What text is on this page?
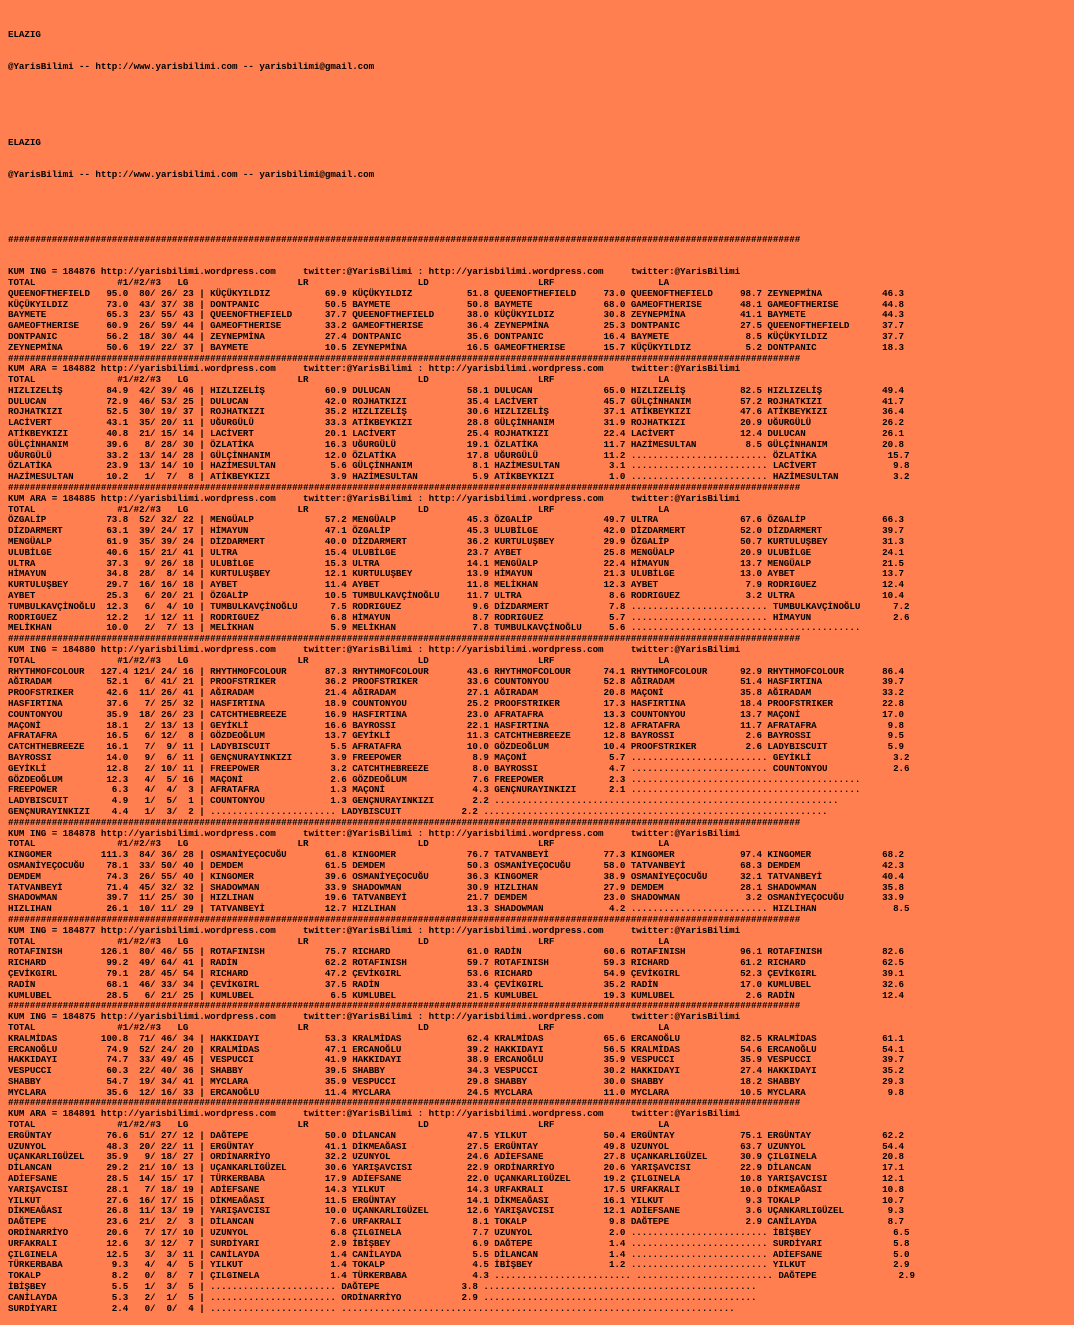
ELAZIG

@YarisBilimi -- http://www.yarisbilimi.com -- yarisbilimi@gmail.com

ELAZIG

@YarisBilimi -- http://www.yarisbilimi.com -- yarisbilimi@gmail.com

#################################################################################################################################################

KUM ING = 184876 http://yarisbilimi.wordpress.com     twitter:@YarisBilimi : http://yarisbilimi.wordpress.com     twitter:@YarisBilimi
TOTAL               #1/#2/#3   LG                    LR                    LD                    LRF                   LA
QUEENOFTHEFIELD   95.0  80/ 26/ 23 | KÜÇÜKYILDIZ          69.9 KÜÇÜKYILDIZ          51.8 QUEENOFTHEFIELD     73.0 QUEENOFTHEFIELD     98.7 ZEYNEPMİNA           46.3
KÜÇÜKYILDIZ       73.0  43/ 37/ 38 | DONTPANIC            50.5 BAYMETE              50.8 BAYMETE             68.0 GAMEOFTHERISE       48.1 GAMEOFTHERISE        44.8
BAYMETE           65.3  23/ 55/ 43 | QUEENOFTHEFIELD      37.7 QUEENOFTHEFIELD      38.0 KÜÇÜKYILDIZ         30.8 ZEYNEPMİNA          41.1 BAYMETE              44.3
GAMEOFTHERISE     60.9  26/ 59/ 44 | GAMEOFTHERISE        33.2 GAMEOFTHERISE        36.4 ZEYNEPMİNA          25.3 DONTPANIC           27.5 QUEENOFTHEFIELD      37.7
DONTPANIC         56.2  18/ 30/ 44 | ZEYNEPMİNA           27.4 DONTPANIC            35.6 DONTPANIC           16.4 BAYMETE              8.5 KÜÇÜKYILDIZ          37.7
ZEYNEPMİNA        50.6  19/ 22/ 37 | BAYMETE              10.5 ZEYNEPMİNA           16.5 GAMEOFTHERISE       15.7 KÜÇÜKYILDIZ          5.2 DONTPANIC            18.3
#################################################################################################################################################
KUM ARA = 184882 http://yarisbilimi.wordpress.com     twitter:@YarisBilimi : http://yarisbilimi.wordpress.com     twitter:@YarisBilimi
TOTAL               #1/#2/#3   LG                    LR                    LD                    LRF                   LA
HIZLIZELİŞ        84.9  42/ 39/ 46 | HIZLIZELİŞ           60.9 DULUCAN              58.1 DULUCAN             65.0 HIZLIZELİŞ          82.5 HIZLIZELİŞ           49.4
DULUCAN           72.9  46/ 53/ 25 | DULUCAN              42.0 ROJHATKIZI           35.4 LACİVERT            45.7 GÜLÇİNHANIM         57.2 ROJHATKIZI           41.7
ROJHATKIZI        52.5  30/ 19/ 37 | ROJHATKIZI           35.2 HIZLIZELİŞ           30.6 HIZLIZELİŞ          37.1 ATİKBEYKIZI         47.6 ATİKBEYKIZI          36.4
LACİVERT          43.1  35/ 20/ 11 | UĞURGÜLÜ             33.3 ATİKBEYKIZI          28.8 GÜLÇİNHANIM         31.9 ROJHATKIZI          20.9 UĞURGÜLÜ             26.2
ATİKBEYKIZI       40.8  21/ 15/ 14 | LACİVERT             20.1 LACİVERT             25.4 ROJHATKIZI          22.4 LACİVERT            12.4 DULUCAN              26.1
GÜLÇİNHANIM       39.6   8/ 28/ 30 | ÖZLATİKA             16.3 UĞURGÜLÜ             19.1 ÖZLATİKA            11.7 HAZİMESULTAN         8.5 GÜLÇİNHANIM          20.8
UĞURGÜLÜ          33.2  13/ 14/ 28 | GÜLÇİNHANIM          12.0 ÖZLATİKA             17.8 UĞURGÜLÜ            11.2 ......................... ÖZLATİKA             15.7
ÖZLATİKA          23.9  13/ 14/ 10 | HAZİMESULTAN          5.6 GÜLÇİNHANIM           8.1 HAZİMESULTAN         3.1 ......................... LACİVERT              9.8
HAZİMESULTAN      10.2   1/  7/  8 | ATİKBEYKIZI           3.9 HAZİMESULTAN          5.9 ATİKBEYKIZI          1.0 ......................... HAZİMESULTAN          3.2
#################################################################################################################################################
KUM ARA = 184885 http://yarisbilimi.wordpress.com     twitter:@YarisBilimi : http://yarisbilimi.wordpress.com     twitter:@YarisBilimi
TOTAL               #1/#2/#3   LG                    LR                    LD                    LRF                   LA
ÖZGALİP           73.8  52/ 32/ 22 | MENGÜALP             57.2 MENGÜALP             45.3 ÖZGALİP             49.7 ULTRA               67.6 ÖZGALİP              66.3
DİZDARMERT        63.1  39/ 24/ 17 | HİMAYUN              47.1 ÖZGALİP              45.3 ULUBİLGE            42.0 DİZDARMERT          52.0 DİZDARMERT           39.7
MENGÜALP          61.9  35/ 39/ 24 | DİZDARMERT           40.0 DİZDARMERT           36.2 KURTULUŞBEY         29.9 ÖZGALİP             50.7 KURTULUŞBEY          31.3
ULUBİLGE          40.6  15/ 21/ 41 | ULTRA                15.4 ULUBİLGE             23.7 AYBET               25.8 MENGÜALP            20.9 ULUBİLGE             24.1
ULTRA             37.3   9/ 26/ 18 | ULUBİLGE             15.3 ULTRA                14.1 MENGÜALP            22.4 HİMAYUN             13.7 MENGÜALP             21.5
HİMAYUN           34.8  28/  8/ 14 | KURTULUŞBEY          12.1 KURTULUŞBEY          13.9 HİMAYUN             21.3 ULUBİLGE            13.0 AYBET                13.7
KURTULUŞBEY       29.7  16/ 16/ 18 | AYBET                11.4 AYBET                11.8 MELİKHAN            12.3 AYBET                7.9 RODRIGUEZ            12.4
AYBET             25.3   6/ 20/ 21 | ÖZGALİP              10.5 TUMBULKAVÇİNOĞLU     11.7 ULTRA                8.6 RODRIGUEZ            3.2 ULTRA                10.4
TUMBULKAVÇİNOĞLU  12.3   6/  4/ 10 | TUMBULKAVÇİNOĞLU      7.5 RODRIGUEZ             9.6 DİZDARMERT           7.8 ......................... TUMBULKAVÇİNOĞLU      7.2
RODRIGUEZ         12.2   1/ 12/ 11 | RODRIGUEZ             6.8 HİMAYUN               8.7 RODRIGUEZ            5.7 ......................... HİMAYUN               2.6
MELİKHAN          10.0   2/  7/ 13 | MELİKHAN              5.9 MELİKHAN              7.8 TUMBULKAVÇİNOĞLU     5.6 ..........................................
#################################################################################################################################################
KUM ING = 184880 http://yarisbilimi.wordpress.com     twitter:@YarisBilimi : http://yarisbilimi.wordpress.com     twitter:@YarisBilimi
TOTAL               #1/#2/#3   LG                    LR                    LD                    LRF                   LA
RHYTHMOFCOLOUR   127.4 121/ 24/ 16 | RHYTHMOFCOLOUR       87.3 RHYTHMOFCOLOUR       43.6 RHYTHMOFCOLOUR      74.1 RHYTHMOFCOLOUR      92.9 RHYTHMOFCOLOUR       86.4
AĞIRADAM          52.1   6/ 41/ 21 | PROOFSTRIKER         36.2 PROOFSTRIKER         33.6 COUNTONYOU          52.8 AĞIRADAM            51.4 HASFIRTINA           39.7
PROOFSTRIKER      42.6  11/ 26/ 41 | AĞIRADAM             21.4 AĞIRADAM             27.1 AĞIRADAM            20.8 MAÇONİ              35.8 AĞIRADAM             33.2
HASFIRTINA        37.6   7/ 25/ 32 | HASFIRTINA           18.9 COUNTONYOU           25.2 PROOFSTRIKER        17.3 HASFIRTINA          18.4 PROOFSTRIKER         22.8
COUNTONYOU        35.9  18/ 26/ 23 | CATCHTHEBREEZE       16.9 HASFIRTINA           23.0 AFRATAFRA           13.3 COUNTONYOU          13.7 MAÇONİ               17.0
MAÇONİ            18.1   2/ 13/ 13 | GEYİKLİ              16.6 BAYROSSI             22.1 HASFIRTINA          12.8 AFRATAFRA           11.7 AFRATAFRA             9.8
AFRATAFRA         16.5   6/ 12/  8 | GÖZDEOĞLUM           13.7 GEYİKLİ              11.3 CATCHTHEBREEZE      12.8 BAYROSSI             2.6 BAYROSSI              9.5
CATCHTHEBREEZE    16.1   7/  9/ 11 | LADYBISCUIT           5.5 AFRATAFRA            10.0 GÖZDEOĞLUM          10.4 PROOFSTRIKER         2.6 LADYBISCUIT           5.9
BAYROSSI          14.0   9/  6/ 11 | GENÇNURAYINKIZI       3.9 FREEPOWER             8.9 MAÇONİ               5.7 ......................... GEYİKLİ               3.2
GEYİKLİ           12.8   2/ 10/ 11 | FREEPOWER             3.2 CATCHTHEBREEZE        8.0 BAYROSSI             4.7 ......................... COUNTONYOU            2.6
GÖZDEOĞLUM        12.3   4/  5/ 16 | MAÇONİ                2.6 GÖZDEOĞLUM            7.6 FREEPOWER            2.3 ..........................................
FREEPOWER          6.3   4/  4/  3 | AFRATAFRA             1.3 MAÇONİ                4.3 GENÇNURAYINKIZI      2.1 ..........................................
LADYBISCUIT        4.9   1/  5/  1 | COUNTONYOU            1.3 GENÇNURAYINKIZI       2.2 ...............................................................
GENÇNURAYINKIZI    4.4   1/  3/  2 | ....................... LADYBISCUIT           2.2 ...............................................................
#################################################################################################################################################
KUM ING = 184878 http://yarisbilimi.wordpress.com     twitter:@YarisBilimi : http://yarisbilimi.wordpress.com     twitter:@YarisBilimi
TOTAL               #1/#2/#3   LG                    LR                    LD                    LRF                   LA
KINGOMER         111.3  84/ 36/ 28 | OSMANİYEÇOCUĞU       61.8 KINGOMER             76.7 TATVANBEYİ          77.3 KINGOMER            97.4 KINGOMER             68.2
OSMANİYEÇOCUĞU    78.1  33/ 50/ 40 | DEMDEM               61.5 DEMDEM               50.3 OSMANİYEÇOCUĞU      58.0 TATVANBEYİ          68.3 DEMDEM               42.3
DEMDEM            74.3  26/ 55/ 40 | KINGOMER             39.6 OSMANİYEÇOCUĞU       36.3 KINGOMER            38.9 OSMANİYEÇOCUĞU      32.1 TATVANBEYİ           40.4
TATVANBEYİ        71.4  45/ 32/ 32 | SHADOWMAN            33.9 SHADOWMAN            30.9 HIZLIHAN            27.9 DEMDEM              28.1 SHADOWMAN            35.8
SHADOWMAN         39.7  11/ 25/ 30 | HIZLIHAN             19.6 TATVANBEYİ           21.7 DEMDEM              23.0 SHADOWMAN            3.2 OSMANİYEÇOCUĞU       33.9
HIZLIHAN          26.1  10/ 11/ 29 | TATVANBEYİ           12.7 HIZLIHAN             13.3 SHADOWMAN            4.2 ......................... HIZLIHAN              8.5
#################################################################################################################################################
KUM ING = 184877 http://yarisbilimi.wordpress.com     twitter:@YarisBilimi : http://yarisbilimi.wordpress.com     twitter:@YarisBilimi
TOTAL               #1/#2/#3   LG                    LR                    LD                    LRF                   LA
ROTAFINISH       126.1  80/ 46/ 55 | ROTAFINISH           75.7 RICHARD              61.0 RADİN               60.6 ROTAFINISH          96.1 ROTAFINISH           82.6
RICHARD           99.2  49/ 64/ 41 | RADİN                62.2 ROTAFINISH           59.7 ROTAFINISH          59.3 RICHARD             61.2 RICHARD              62.5
ÇEVİKGIRL         79.1  28/ 45/ 54 | RICHARD              47.2 ÇEVİKGIRL            53.6 RICHARD             54.9 ÇEVİKGIRL           52.3 ÇEVİKGIRL            39.1
RADİN             68.1  46/ 33/ 34 | ÇEVİKGIRL            37.5 RADİN                33.4 ÇEVİKGIRL           35.2 RADİN               17.0 KUMLUBEL             32.6
KUMLUBEL          28.5   6/ 21/ 25 | KUMLUBEL              6.5 KUMLUBEL             21.5 KUMLUBEL            19.3 KUMLUBEL             2.6 RADİN                12.4
#################################################################################################################################################
KUM ING = 184875 http://yarisbilimi.wordpress.com     twitter:@YarisBilimi : http://yarisbilimi.wordpress.com     twitter:@YarisBilimi
TOTAL               #1/#2/#3   LG                    LR                    LD                    LRF                   LA
KRALMİDAS        100.8  71/ 46/ 34 | HAKKIDAYI            53.3 KRALMİDAS            62.4 KRALMİDAS           65.6 ERCANOĞLU           82.5 KRALMİDAS            61.1
ERCANOĞLU         74.9  52/ 24/ 20 | KRALMİDAS            47.1 ERCANOĞLU            39.2 HAKKIDAYI           56.5 KRALMİDAS           54.6 ERCANOĞLU            54.1
HAKKIDAYI         74.7  33/ 49/ 45 | VESPUCCI             41.9 HAKKIDAYI            38.9 ERCANOĞLU           35.9 VESPUCCI            35.9 VESPUCCI             39.7
VESPUCCI          60.3  22/ 40/ 36 | SHABBY               39.5 SHABBY               34.3 VESPUCCI            30.2 HAKKIDAYI           27.4 HAKKIDAYI            35.2
SHABBY            54.7  19/ 34/ 41 | MYCLARA              35.9 VESPUCCI             29.8 SHABBY              30.0 SHABBY              18.2 SHABBY               29.3
MYCLARA           35.6  12/ 16/ 33 | ERCANOĞLU            11.4 MYCLARA              24.5 MYCLARA             11.0 MYCLARA             10.5 MYCLARA               9.8
#################################################################################################################################################
KUM ARA = 184891 http://yarisbilimi.wordpress.com     twitter:@YarisBilimi : http://yarisbilimi.wordpress.com     twitter:@YarisBilimi
TOTAL               #1/#2/#3   LG                    LR                    LD                    LRF                   LA
ERGÜNTAY          76.6  51/ 27/ 12 | DAĞTEPE              50.0 DİLANCAN             47.5 YILKUT              50.4 ERGÜNTAY            75.1 ERGÜNTAY             62.2
UZUNYOL           48.3  20/ 22/ 11 | ERGÜNTAY             41.1 DİKMEAĞASI           27.5 ERGÜNTAY            49.8 UZUNYOL             63.7 UZUNYOL              54.4
UÇANKARLIGÜZEL    35.9   9/ 18/ 27 | ORDİNARRİYO          32.2 UZUNYOL              24.6 ADİEFSANE           27.8 UÇANKARLIGÜZEL      30.9 ÇILGINELA            20.8
DİLANCAN          29.2  21/ 10/ 13 | UÇANKARLIGÜZEL       30.6 YARIŞAVCISI          22.9 ORDİNARRİYO         20.6 YARIŞAVCISI         22.9 DİLANCAN             17.1
ADİEFSANE         28.5  14/ 15/ 17 | TÜRKERBABA           17.9 ADİEFSANE            22.0 UÇANKARLIGÜZEL      19.2 ÇILGINELA           10.8 YARIŞAVCISI          12.1
YARIŞAVCISI       28.1   7/ 18/ 19 | ADİEFSANE            14.3 YILKUT               14.3 URFAKRALI           17.5 URFAKRALI           10.0 DİKMEAĞASI           10.8
YILKUT            27.6  16/ 17/ 15 | DİKMEAĞASI           11.5 ERGÜNTAY             14.1 DİKMEAĞASI          16.1 YILKUT               9.3 TOKALP               10.7
DİKMEAĞASI        26.8  11/ 13/ 19 | YARIŞAVCISI          10.0 UÇANKARLIGÜZEL       12.6 YARIŞAVCISI         12.1 ADİEFSANE            3.6 UÇANKARLIGÜZEL        9.3
DAĞTEPE           23.6  21/  2/  3 | DİLANCAN              7.6 URFAKRALI             8.1 TOKALP               9.8 DAĞTEPE              2.9 CANİLAYDA             8.7
ORDİNARRİYO       20.6   7/ 17/ 10 | UZUNYOL               6.8 ÇILGINELA             7.7 UZUNYOL              2.0 ......................... İBİŞBEY               6.5
URFAKRALI         12.6   3/ 12/  7 | SURDİYARI             2.9 İBİŞBEY               6.9 DAĞTEPE              1.4 ......................... SURDİYARI             5.8
ÇILGINELA         12.5   3/  3/ 11 | CANİLAYDA             1.4 CANİLAYDA             5.5 DİLANCAN             1.4 ......................... ADİEFSANE             5.0
TÜRKERBABA         9.3   4/  4/  5 | YILKUT                1.4 TOKALP                4.5 İBİŞBEY              1.2 ......................... YILKUT                2.9
TOKALP             8.2   0/  8/  7 | ÇILGINELA             1.4 TÜRKERBABA            4.3 ......................... ......................... DAĞTEPE               2.9
İBİŞBEY            5.5   1/  3/  5 | ....................... DAĞTEPE               3.8 ..................................................
CANİLAYDA          5.3   2/  1/  5 | ....................... ORDİNARRİYO           2.9 ..................................................
SURDİYARI          2.4   0/  0/  4 | ....................... ........................................................................
